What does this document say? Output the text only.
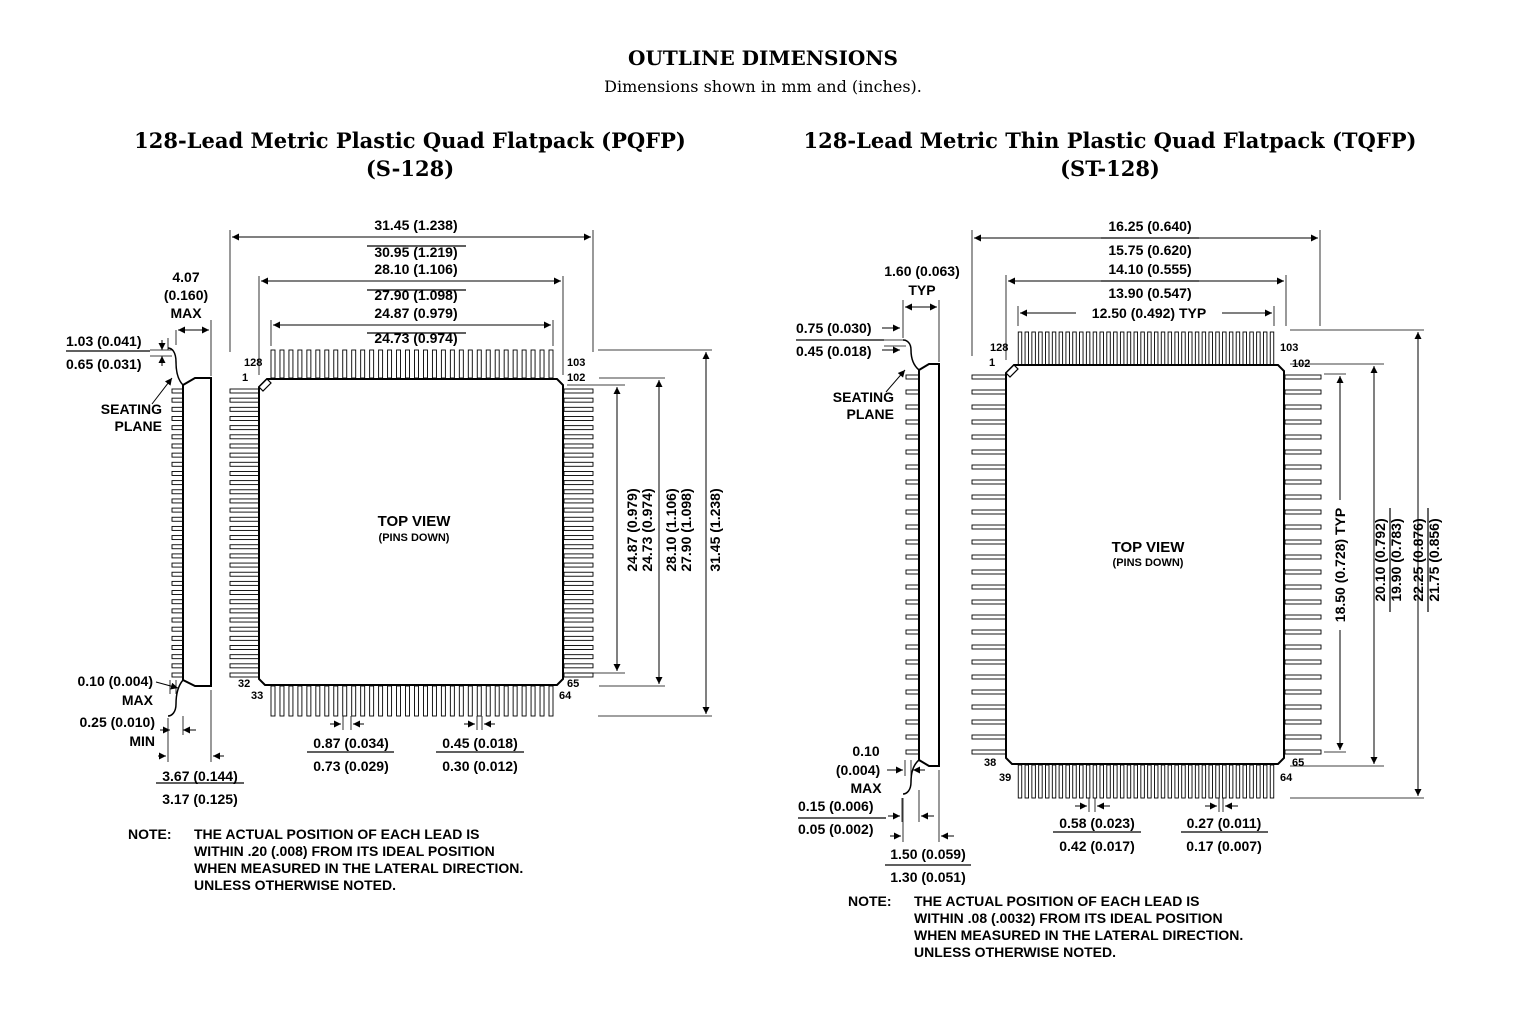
OUTLINE DIMENSIONS
Dimensions shown in mm and (inches).
128-Lead Metric Plastic Quad Flatpack (PQFP)
(S-128)
128-Lead Metric Thin Plastic Quad Flatpack (TQFP)
(ST-128)
31.45 (1.238)
30.95 (1.219)
28.10 (1.106)
27.90 (1.098)
24.87 (0.979)
24.73 (0.974)
4.07
(0.160)
MAX
1.03 (0.041)
0.65 (0.031)
SEATING
PLANE
0.10 (0.004)
MAX
0.25 (0.010)
MIN
3.67 (0.144)
3.17 (0.125)
0.87 (0.034)
0.73 (0.029)
0.45 (0.018)
0.30 (0.012)
24.87 (0.979) 24.73 (0.974) 28.10 (1.106) 27.90 (1.098) 31.45 (1.238)
128
1
103
102
32
33
65
64
TOP VIEW
(PINS DOWN)
16.25 (0.640)
15.75 (0.620)
14.10 (0.555)
13.90 (0.547)
12.50 (0.492) TYP
1.60 (0.063)
TYP
0.75 (0.030)
0.45 (0.018)
SEATING
PLANE
0.10
(0.004)
MAX
0.15 (0.006)
0.05 (0.002)
1.50 (0.059)
1.30 (0.051)
0.58 (0.023)
0.42 (0.017)
0.27 (0.011)
0.17 (0.007)
18.50 (0.728) TYP 20.10 (0.792) 19.90 (0.783) 22.25 (0.876) 21.75 (0.856)
128
1
103
102
38
39
65
64
TOP VIEW
(PINS DOWN)
NOTE: THE ACTUAL POSITION OF EACH LEAD IS
WITHIN .20 (.008) FROM ITS IDEAL POSITION
WHEN MEASURED IN THE LATERAL DIRECTION.
UNLESS OTHERWISE NOTED.
NOTE: THE ACTUAL POSITION OF EACH LEAD IS
WITHIN .08 (.0032) FROM ITS IDEAL POSITION
WHEN MEASURED IN THE LATERAL DIRECTION.
UNLESS OTHERWISE NOTED.
